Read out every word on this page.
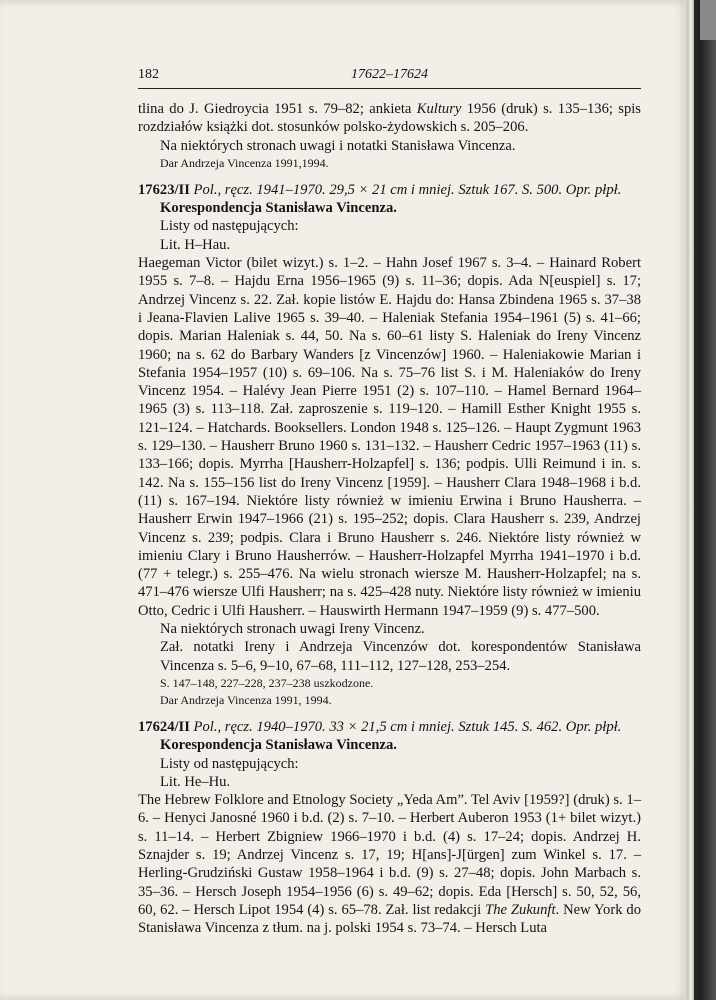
182	17622–17624

tlina do J. Giedroycia 1951 s. 79–82; ankieta Kultury 1956 (druk) s. 135–136; spis rozdziałów książki dot. stosunków polsko-żydowskich s. 205–206.

Na niektórych stronach uwagi i notatki Stanisława Vincenza.

Dar Andrzeja Vincenza 1991,1994.

17623/II Pol., ręcz. 1941–1970. 29,5 × 21 cm i mniej. Sztuk 167. S. 500. Opr. płpł.

Korespondencja Stanisława Vincenza.

Listy od następujących:

Lit. H–Hau.

Haegeman Victor (bilet wizyt.) s. 1–2. – Hahn Josef 1967 s. 3–4. – Hainard Robert 1955 s. 7–8. – Hajdu Erna 1956–1965 (9) s. 11–36; dopis. Ada N[euspiel] s. 17; Andrzej Vincenz s. 22. Zał. kopie listów E. Hajdu do: Hansa Zbindena 1965 s. 37–38 i Jeana-Flavien Lalive 1965 s. 39–40. – Haleniak Stefania 1954–1961 (5) s. 41–66; dopis. Marian Haleniak s. 44, 50. Na s. 60–61 listy S. Haleniak do Ireny Vincenz 1960; na s. 62 do Barbary Wanders [z Vincenzów] 1960. – Haleniakowie Marian i Stefania 1954–1957 (10) s. 69–106. Na s. 75–76 list S. i M. Haleniaków do Ireny Vincenz 1954. – Halévy Jean Pierre 1951 (2) s. 107–110. – Hamel Bernard 1964–1965 (3) s. 113–118. Zał. zaproszenie s. 119–120. – Hamill Esther Knight 1955 s. 121–124. – Hatchards. Booksellers. London 1948 s. 125–126. – Haupt Zygmunt 1963 s. 129–130. – Hausherr Bruno 1960 s. 131–132. – Hausherr Cedric 1957–1963 (11) s. 133–166; dopis. Myrrha [Hausherr-Holzapfel] s. 136; podpis. Ulli Reimund i in. s. 142. Na s. 155–156 list do Ireny Vincenz [1959]. – Hausherr Clara 1948–1968 i b.d. (11) s. 167–194. Niektóre listy również w imieniu Erwina i Bruno Hausherra. – Hausherr Erwin 1947–1966 (21) s. 195–252; dopis. Clara Hausherr s. 239, Andrzej Vincenz s. 239; podpis. Clara i Bruno Hausherr s. 246. Niektóre listy również w imieniu Clary i Bruno Hausherrów. – Hausherr-Holzapfel Myrrha 1941–1970 i b.d. (77 + telegr.) s. 255–476. Na wielu stronach wiersze M. Hausherr-Holzapfel; na s. 471–476 wiersze Ulfi Hausherr; na s. 425–428 nuty. Niektóre listy również w imieniu Otto, Cedric i Ulfi Hausherr. – Hauswirth Hermann 1947–1959 (9) s. 477–500.

Na niektórych stronach uwagi Ireny Vincenz.

Zał. notatki Ireny i Andrzeja Vincenzów dot. korespondentów Stanisława Vincenza s. 5–6, 9–10, 67–68, 111–112, 127–128, 253–254.

S. 147–148, 227–228, 237–238 uszkodzone.

Dar Andrzeja Vincenza 1991, 1994.

17624/II Pol., ręcz. 1940–1970. 33 × 21,5 cm i mniej. Sztuk 145. S. 462. Opr. płpł.

Korespondencja Stanisława Vincenza.

Listy od następujących:

Lit. He–Hu.

The Hebrew Folklore and Etnology Society „Yeda Am”. Tel Aviv [1959?] (druk) s. 1–6. – Henyci Janosné 1960 i b.d. (2) s. 7–10. – Herbert Auberon 1953 (1+ bilet wizyt.) s. 11–14. – Herbert Zbigniew 1966–1970 i b.d. (4) s. 17–24; dopis. Andrzej H. Sznajder s. 19; Andrzej Vincenz s. 17, 19; H[ans]-J[ürgen] zum Winkel s. 17. – Herling-Grudziński Gustaw 1958–1964 i b.d. (9) s. 27–48; dopis. John Marbach s. 35–36. – Hersch Joseph 1954–1956 (6) s. 49–62; dopis. Eda [Hersch] s. 50, 52, 56, 60, 62. – Hersch Lipot 1954 (4) s. 65–78. Zał. list redakcji The Zukunft. New York do Stanisława Vincenza z tłum. na j. polski 1954 s. 73–74. – Hersch Luta
